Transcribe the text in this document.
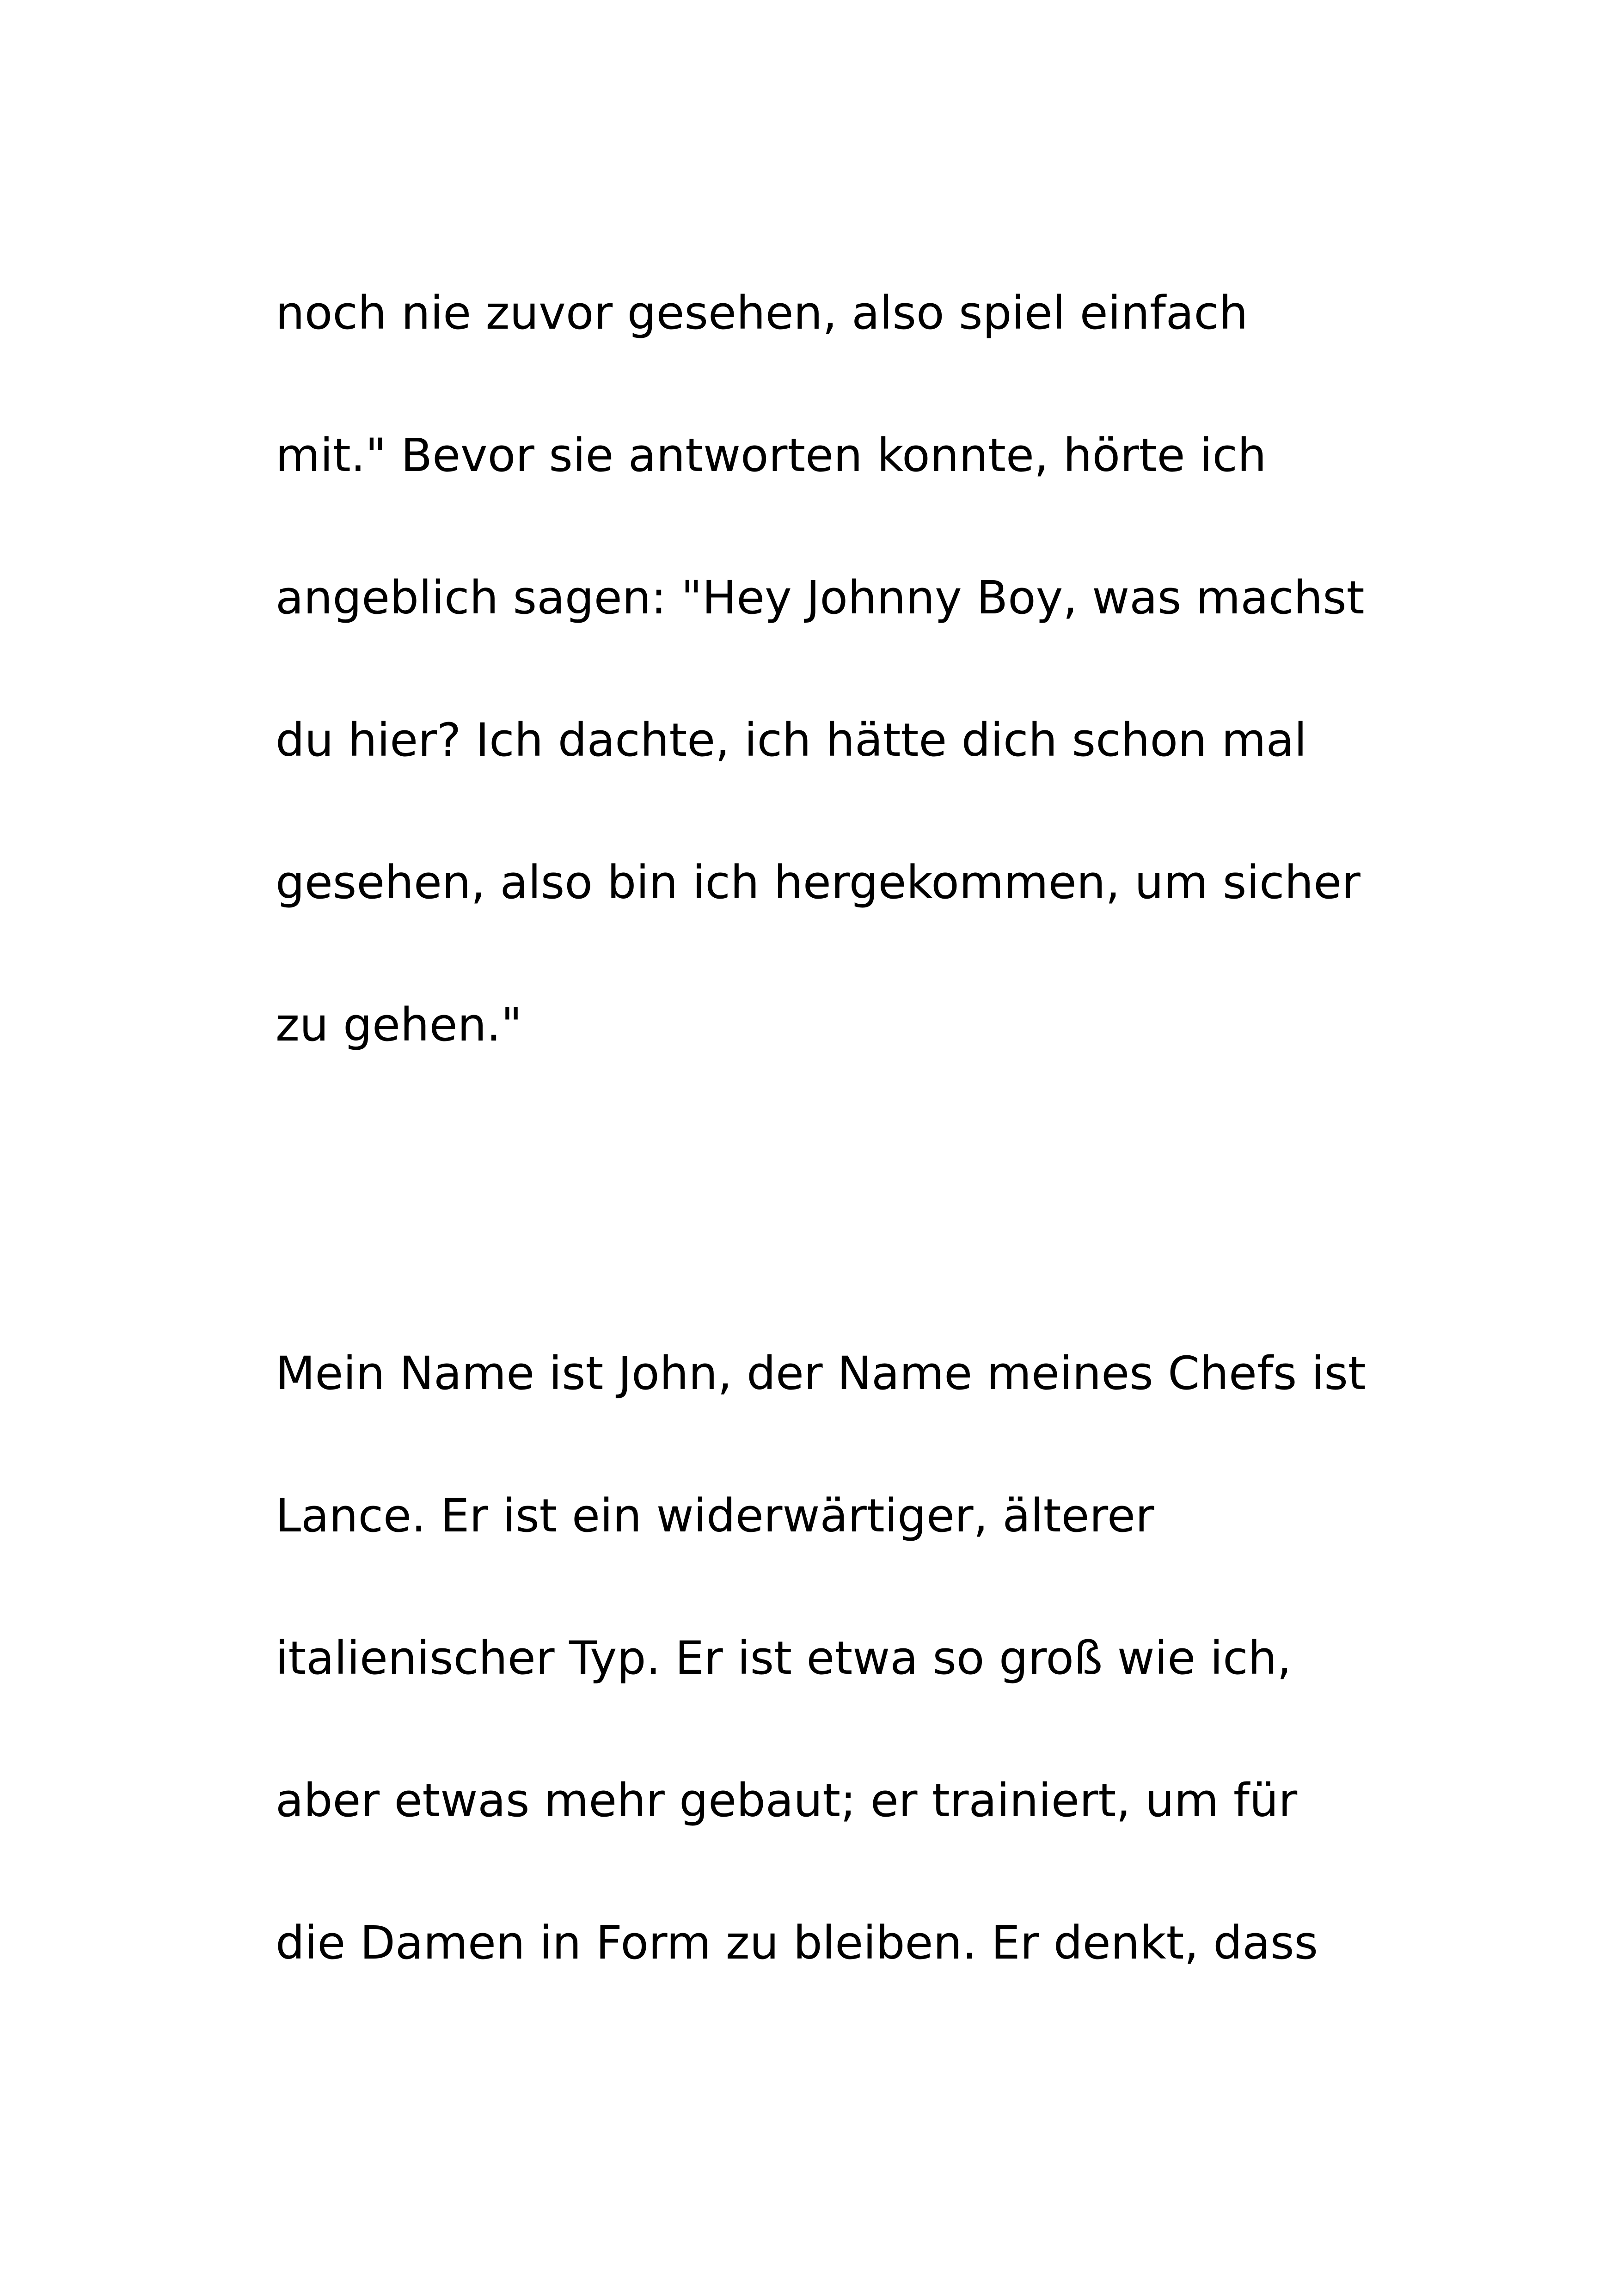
noch nie zuvor gesehen, also spiel einfach

mit." Bevor sie antworten konnte, hörte ich

angeblich sagen: "Hey Johnny Boy, was machst

du hier? Ich dachte, ich hätte dich schon mal

gesehen, also bin ich hergekommen, um sicher

zu gehen."

Mein Name ist John, der Name meines Chefs ist

Lance. Er ist ein widerwärtiger, älterer

italienischer Typ. Er ist etwa so groß wie ich,

aber etwas mehr gebaut; er trainiert, um für

die Damen in Form zu bleiben. Er denkt, dass
